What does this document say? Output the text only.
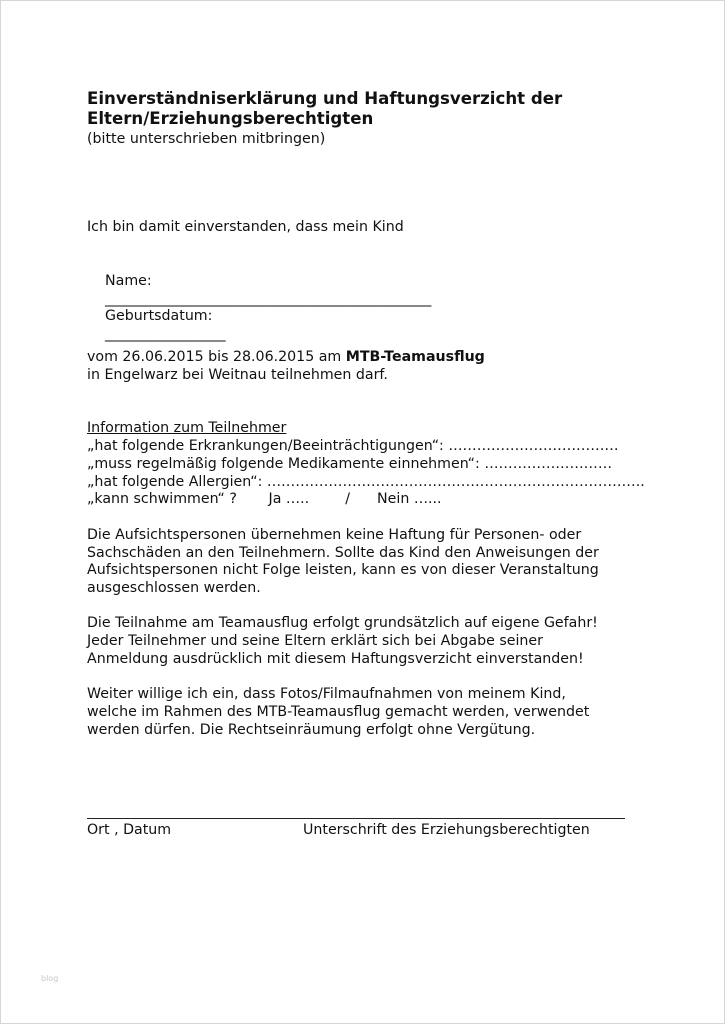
Einverständniserklärung und Haftungsverzicht der
Eltern/Erziehungsberechtigten
(bitte unterschrieben mitbringen)
Ich bin damit einverstanden, dass mein Kind

Name:
______________________________________________

Geburtsdatum:
_________________

vom 26.06.2015 bis 28.06.2015 am MTB-Teamausflug
in Engelwarz bei Weitnau teilnehmen darf.
Information zum Teilnehmer
„hat folgende Erkrankungen/Beeinträchtigungen“: ………………………………
„muss regelmäßig folgende Medikamente einnehmen“: ………………………
„hat folgende Allergien“: ……………………………………………………………………..
„kann schwimmen“ ?       Ja …..        /      Nein …...
Die Aufsichtspersonen übernehmen keine Haftung für Personen- oder
Sachschäden an den Teilnehmern. Sollte das Kind den Anweisungen der
Aufsichtspersonen nicht Folge leisten, kann es von dieser Veranstaltung
ausgeschlossen werden.
Die Teilnahme am Teamausflug erfolgt grundsätzlich auf eigene Gefahr!
Jeder Teilnehmer und seine Eltern erklärt sich bei Abgabe seiner
Anmeldung ausdrücklich mit diesem Haftungsverzicht einverstanden!
Weiter willige ich ein, dass Fotos/Filmaufnahmen von meinem Kind,
welche im Rahmen des MTB-Teamausflug gemacht werden, verwendet
werden dürfen. Die Rechtseinräumung erfolgt ohne Vergütung.
Ort , Datum	Unterschrift des Erziehungsberechtigten
blog
